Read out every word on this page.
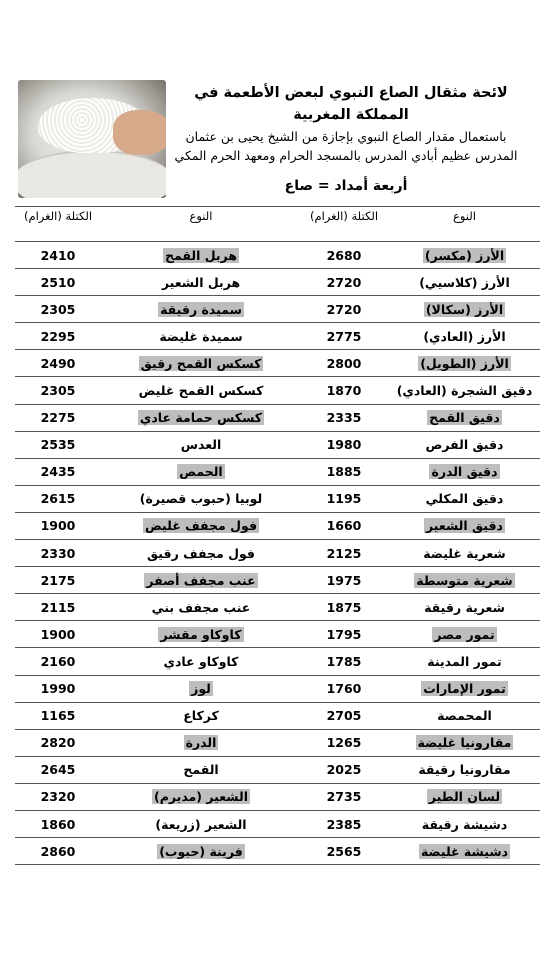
لائحة مثقال الصاع النبوي لبعض الأطعمة في المملكة المغربية
باستعمال مقدار الصاع النبوي بإجازة من الشيخ يحيى بن عثمان
المدرس عظيم أبادي المدرس بالمسجد الحرام ومعهد الحرم المكي
أربعة أمداد = صاع
الكتلة (الغرام)	النوع	الكتلة (الغرام)	النوع
2410	هربل القمح	2680	الأرز (مكسر)
2510	هربل الشعير	2720	الأرز (كلاسيي)
2305	سميدة رقيقة	2720	الأرز (سكالا)
2295	سميدة غليضة	2775	الأرز (العادي)
2490	كسكس القمح رقيق	2800	الأرز (الطويل)
2305	كسكس القمح غليض	1870	دقيق الشجرة (العادي)
2275	كسكس حمامة عادي	2335	دقيق القمح
2535	العدس	1980	دقيق الفرص
2435	الحمص	1885	دقيق الدرة
2615	لوبيا (حبوب قصيرة)	1195	دقيق المكلي
1900	فول مجفف غليض	1660	دقيق الشعير
2330	فول مجفف رقيق	2125	شعرية غليضة
2175	عنب مجفف أصفر	1975	شعرية متوسطة
2115	عنب مجفف بني	1875	شعرية رقيقة
1900	كاوكاو مقشر	1795	تمور مصر
2160	كاوكاو عادي	1785	تمور المدينة
1990	لوز	1760	تمور الإمارات
1165	كركاع	2705	المحمصة
2820	الدرة	1265	مقارونيا غليضة
2645	القمح	2025	مقارونيا رقيقة
2320	الشعير (مديرم)	2735	لسان الطير
1860	الشعير (زريعة)	2385	دشيشة رقيقة
2860	فرينة (حبوب)	2565	دشيشة غليضة
